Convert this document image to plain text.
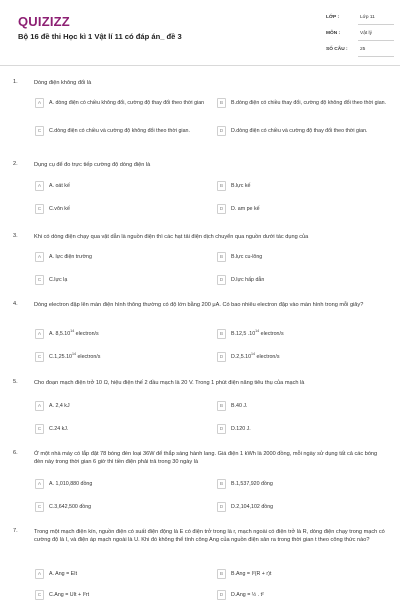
QUIZIZZ
Bộ 16 đề thi Học kì 1 Vật lí 11 có đáp án_ đề 3
LỚP :	Lớp 11
MÔN :	Vật lý
SỐ CÂU :	25
1.	Dòng điện không đổi là
A	A. dòng điện có chiều không đổi, cường độ thay đổi theo thời gian	B	B.dòng điện có chiều thay đổi, cường độ không đổi theo thời gian.
C	C.dòng điện có chiều và cường độ không đổi theo thời gian.	D	D.dòng điện có chiều và cường độ thay đổi theo thời gian.
2.	Dụng cụ để đo trực tiếp cường độ dòng điện là
A	A. oát kế	B	B.lực kế
C	C.vôn kế	D	D. am pe kế
3.	Khi có dòng điện chạy qua vật dẫn là nguồn điện thì các hạt tải điện dịch chuyển qua nguồn dưới tác dụng của
A	A. lực điện trường	B	B.lực cu-lông
C	C.lực lạ	D	D.lực hấp dẫn
4.	Dòng electron đập lên màn điện hình thông thường có độ lớn bằng 200 μA. Có bao nhiêu electron đập vào màn hình trong mỗi giây?
A	A. 8,5.10$^{14}$ electron/s	B	B.12,5 $.10^{14}$ electron/s
C	C.1,25.10$^{14}$ electron/s	D	D.2,5.10$^{14}$ electron/s
5.	Cho đoạn mạch điện trở 10 Ω, hiệu điện thế 2 đầu mạch là 20 V. Trong 1 phút điện năng tiêu thụ của mạch là
A	A. 2,4 kJ	B	B.40 J.
C	C.24 kJ.	D	D.120 J.
6.	Ở một nhà máy có lắp đặt 78 bóng đèn loại 36W để thắp sáng hành lang. Giá điện 1 kWh là 2000 đồng, mỗi ngày sử dụng tất cả các bóng đèn này trong thời gian 6 giờ thì tiền điện phải trả trong 30 ngày là
A	A. 1,010,880 đồng	B	B.1,537,920 đồng
C	C.3,642,500 đồng	D	D.2,104,102 đồng
7.	Trong một mạch điện kín, nguồn điện có suất điện động là E có điện trở trong là r, mạch ngoài có điện trở là R, dòng điện chạy trong mạch có cường độ là I, và điện áp mạch ngoài là U. Khi đó không thể tính công Ang của nguồn điện sản ra trong thời gian t theo công thức nào?
A	A. Ang = EIt	B	B.Ang = I²(R + r)t
C	C.Ang = UIt + I²rt	D	D.Ang = ½ . t²
